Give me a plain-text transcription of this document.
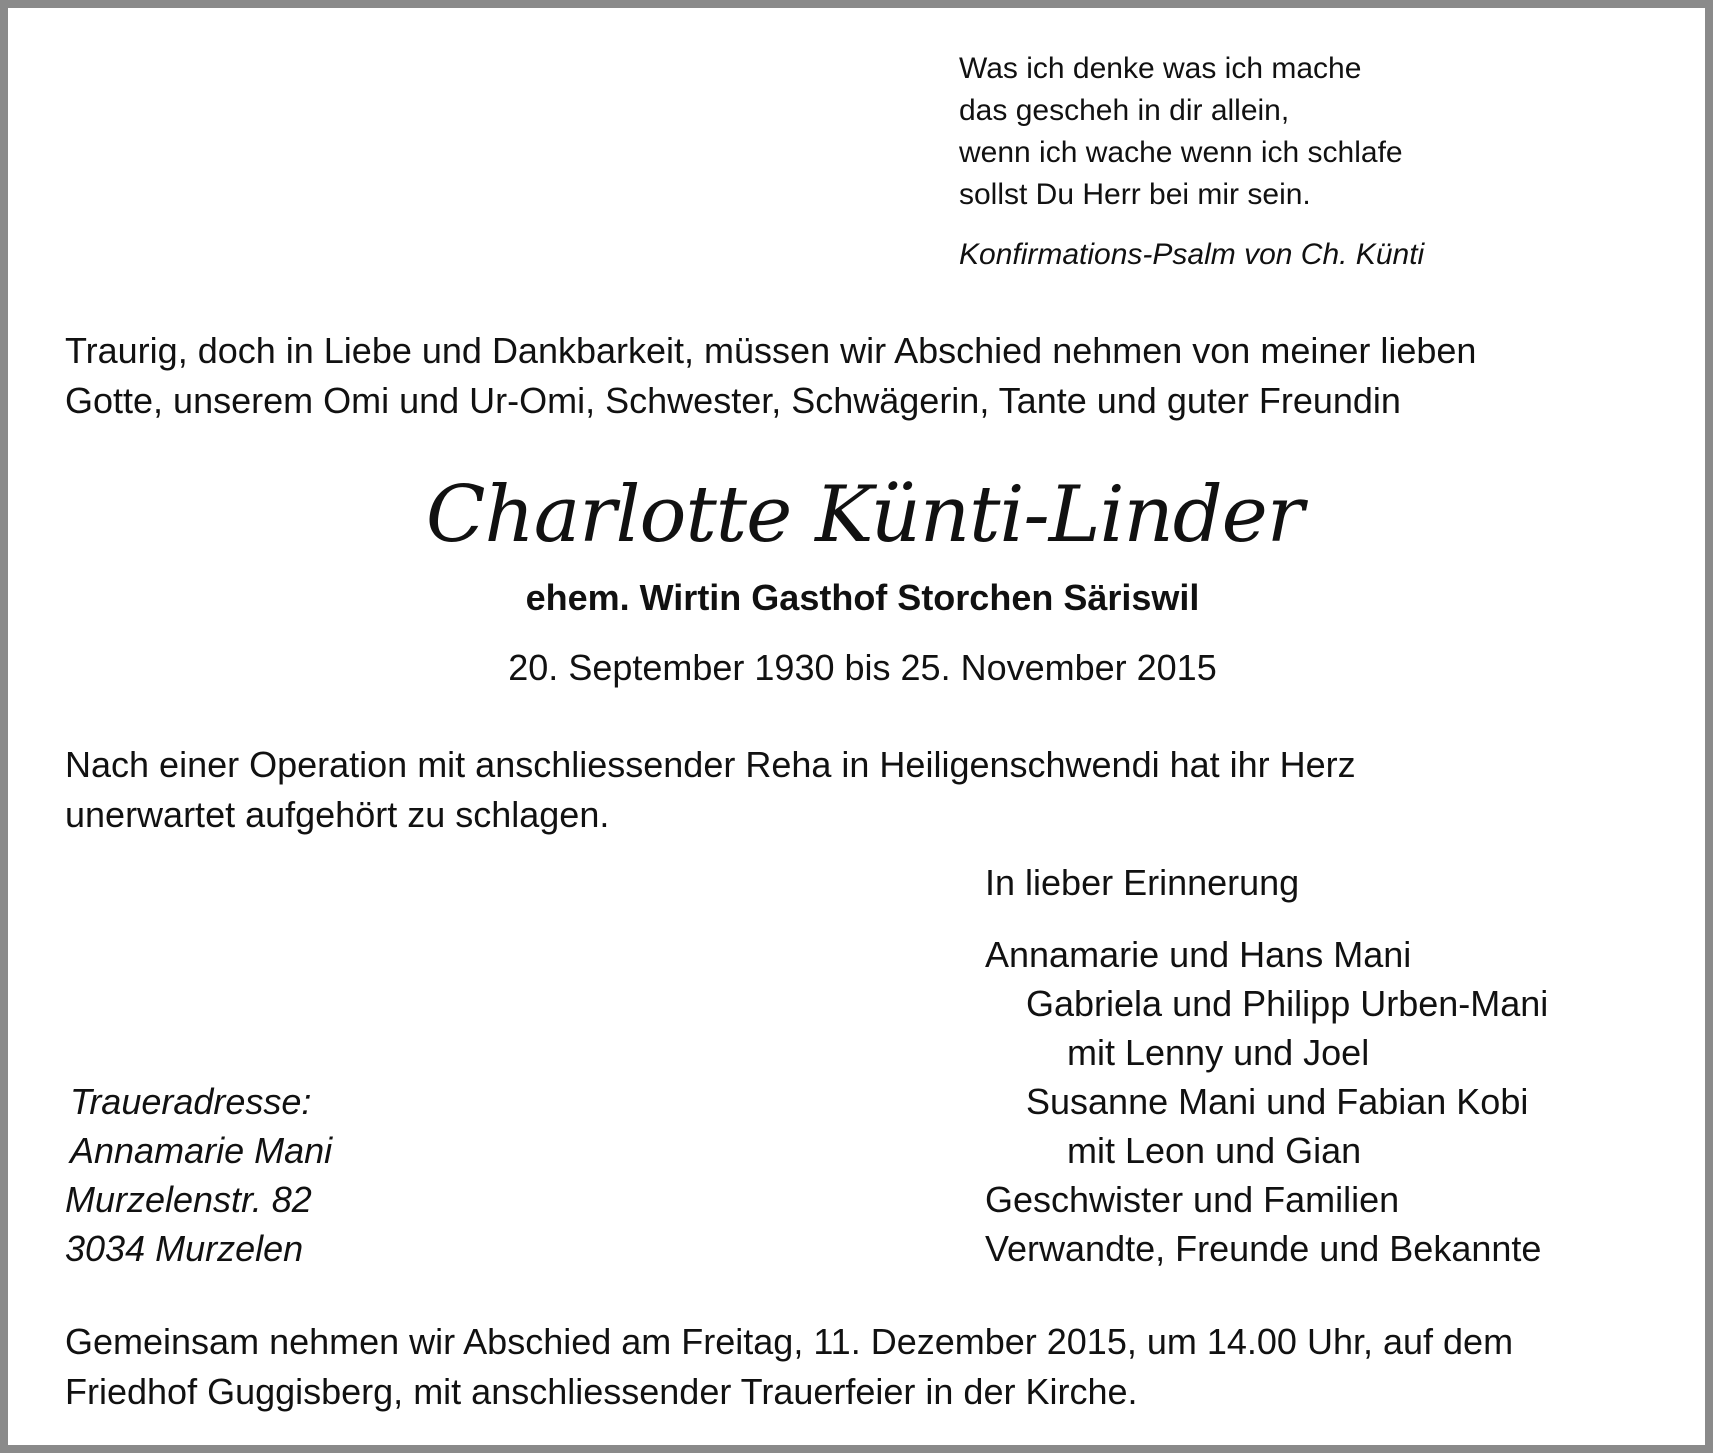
Was ich denke was ich mache
das gescheh in dir allein,
wenn ich wache wenn ich schlafe
sollst Du Herr bei mir sein.
Konfirmations-Psalm von Ch. Künti
Traurig, doch in Liebe und Dankbarkeit, müssen wir Abschied nehmen von meiner lieben
Gotte, unserem Omi und Ur-Omi, Schwester, Schwägerin, Tante und guter Freundin
Charlotte Künti-Linder
ehem. Wirtin Gasthof Storchen Säriswil
20. September 1930 bis 25. November 2015
Nach einer Operation mit anschliessender Reha in Heiligenschwendi hat ihr Herz
unerwartet aufgehört zu schlagen.
In lieber Erinnerung
Annamarie und Hans Mani
Gabriela und Philipp Urben-Mani
mit Lenny und Joel
Susanne Mani und Fabian Kobi
mit Leon und Gian
Geschwister und Familien
Verwandte, Freunde und Bekannte
Traueradresse:
Annamarie Mani
Murzelenstr. 82
3034 Murzelen
Gemeinsam nehmen wir Abschied am Freitag, 11. Dezember 2015, um 14.00 Uhr, auf dem
Friedhof Guggisberg, mit anschliessender Trauerfeier in der Kirche.
